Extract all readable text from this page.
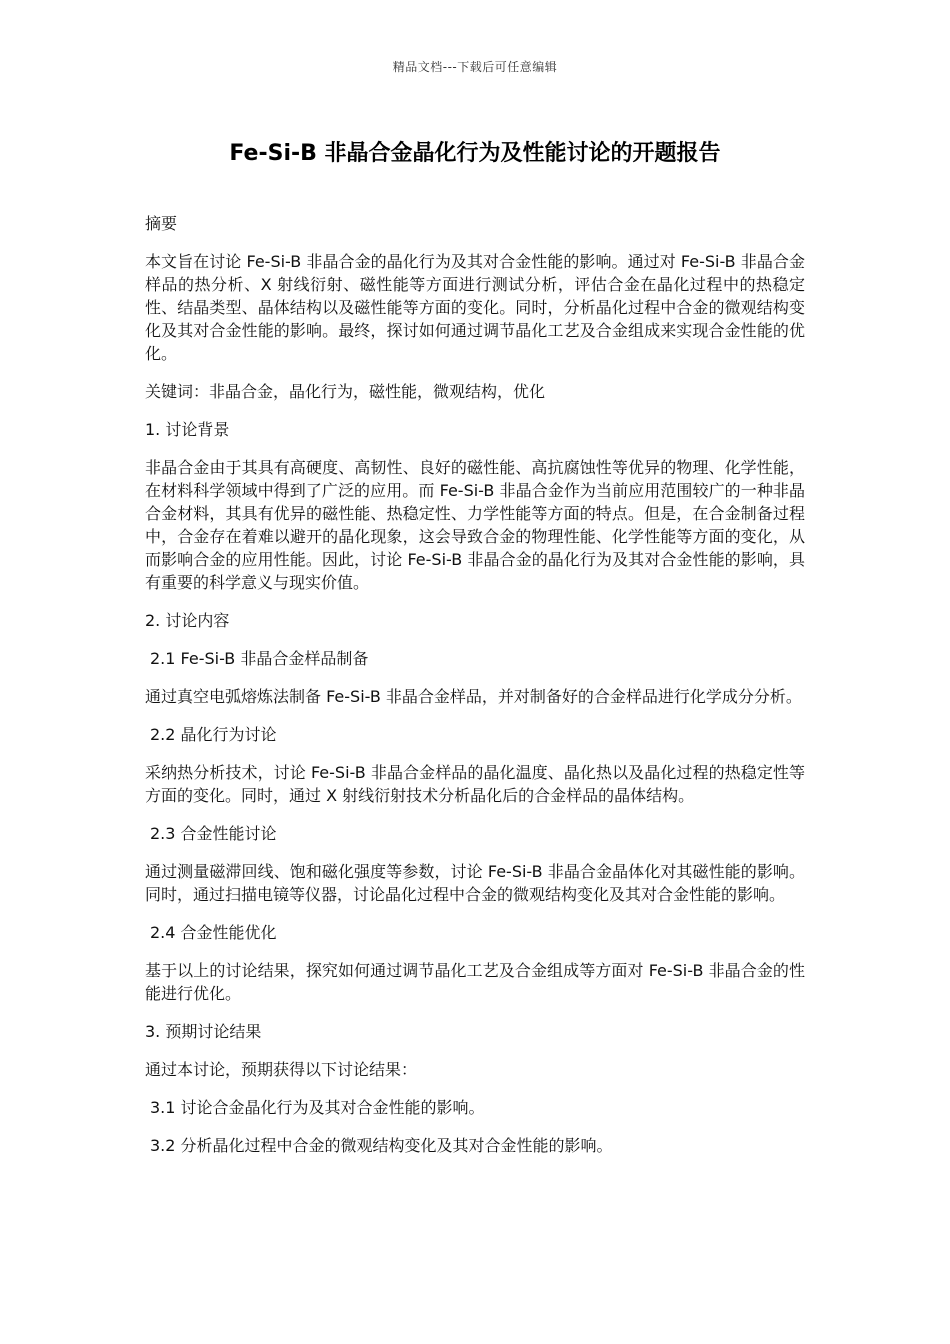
精品文档---下载后可任意编辑
Fe-Si-B 非晶合金晶化行为及性能讨论的开题报告

摘要

本文旨在讨论 Fe-Si-B 非晶合金的晶化行为及其对合金性能的影响。通过对 Fe-Si-B 非晶合金样品的热分析、X 射线衍射、磁性能等方面进行测试分析，评估合金在晶化过程中的热稳定性、结晶类型、晶体结构以及磁性能等方面的变化。同时，分析晶化过程中合金的微观结构变化及其对合金性能的影响。最终，探讨如何通过调节晶化工艺及合金组成来实现合金性能的优化。

关键词：非晶合金，晶化行为，磁性能，微观结构，优化

1. 讨论背景

非晶合金由于其具有高硬度、高韧性、良好的磁性能、高抗腐蚀性等优异的物理、化学性能，在材料科学领域中得到了广泛的应用。而 Fe-Si-B 非晶合金作为当前应用范围较广的一种非晶合金材料，其具有优异的磁性能、热稳定性、力学性能等方面的特点。但是，在合金制备过程中，合金存在着难以避开的晶化现象，这会导致合金的物理性能、化学性能等方面的变化，从而影响合金的应用性能。因此，讨论 Fe-Si-B 非晶合金的晶化行为及其对合金性能的影响，具有重要的科学意义与现实价值。

2. 讨论内容

2.1 Fe-Si-B 非晶合金样品制备

通过真空电弧熔炼法制备 Fe-Si-B 非晶合金样品，并对制备好的合金样品进行化学成分分析。

2.2 晶化行为讨论

采纳热分析技术，讨论 Fe-Si-B 非晶合金样品的晶化温度、晶化热以及晶化过程的热稳定性等方面的变化。同时，通过 X 射线衍射技术分析晶化后的合金样品的晶体结构。

2.3 合金性能讨论

通过测量磁滞回线、饱和磁化强度等参数，讨论 Fe-Si-B 非晶合金晶体化对其磁性能的影响。同时，通过扫描电镜等仪器，讨论晶化过程中合金的微观结构变化及其对合金性能的影响。

2.4 合金性能优化

基于以上的讨论结果，探究如何通过调节晶化工艺及合金组成等方面对 Fe-Si-B 非晶合金的性能进行优化。

3. 预期讨论结果

通过本讨论，预期获得以下讨论结果：

3.1 讨论合金晶化行为及其对合金性能的影响。

3.2 分析晶化过程中合金的微观结构变化及其对合金性能的影响。
